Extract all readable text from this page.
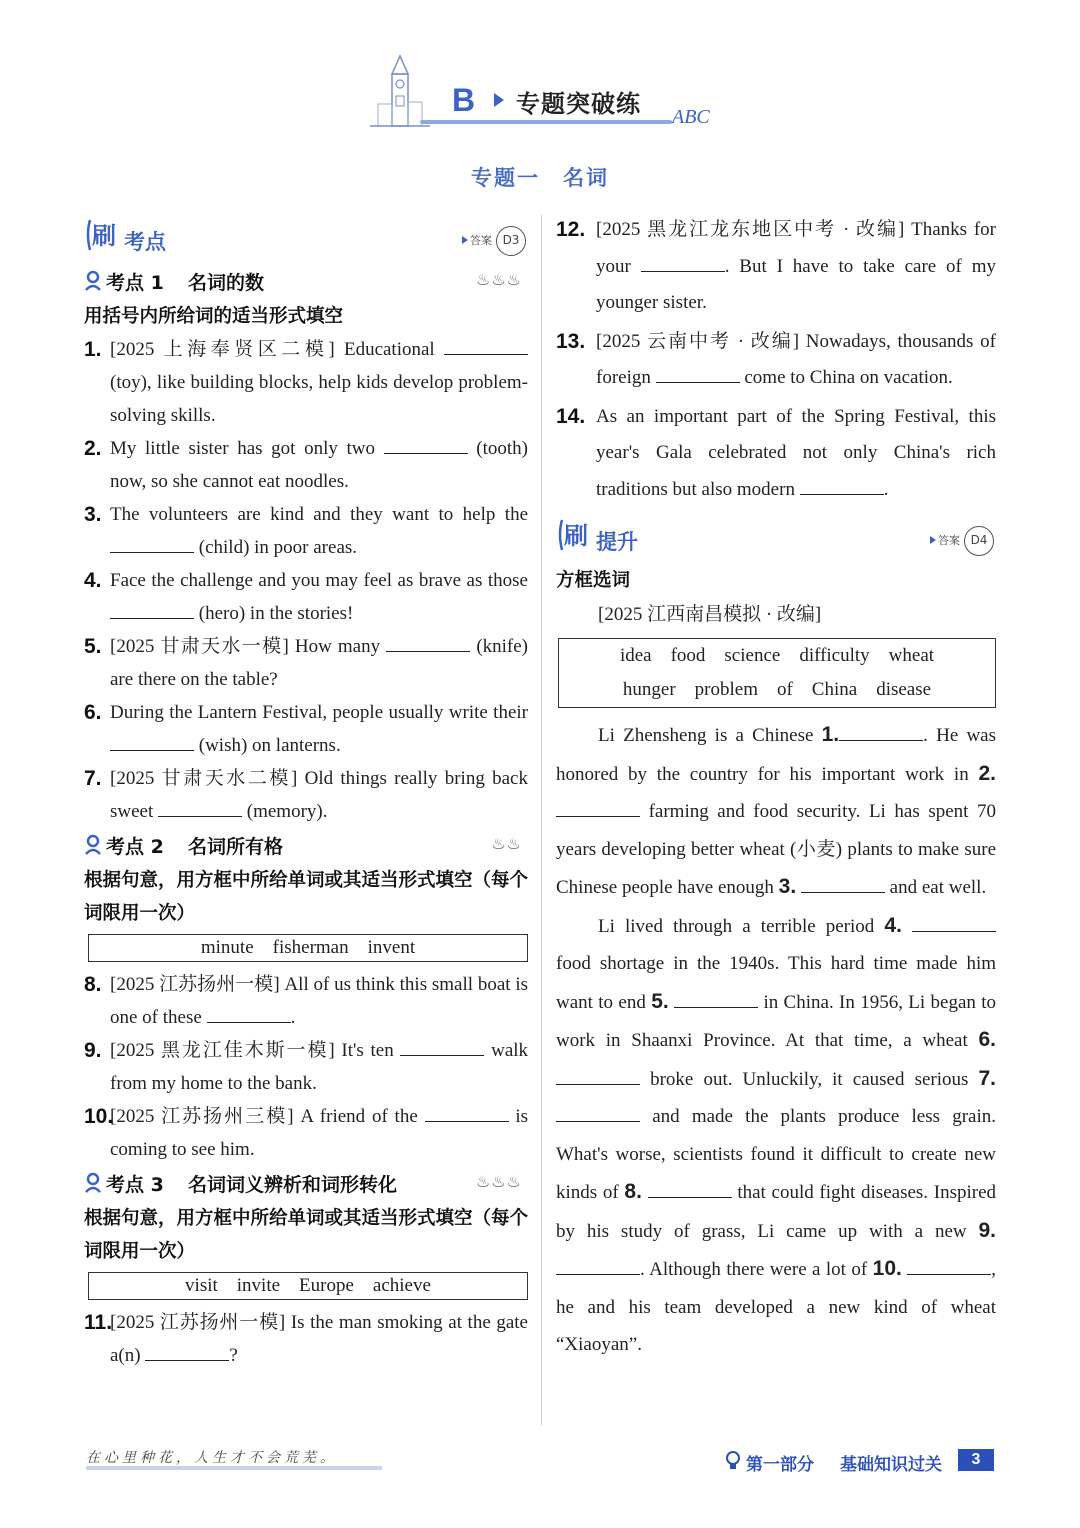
B 专题突破练 ABC
专题一　名词
刷 考点	答案 D3
考点 1 名词的数	♨♨♨
用括号内所给词的适当形式填空
1. [2025 上海奉贤区二模] Educational  (toy), like building blocks, help kids develop problem-solving skills.
2. My little sister has got only two	(tooth) now, so she cannot eat noodles.
3. The volunteers are kind and they want to help the  (child) in poor areas.
4. Face the challenge and you may feel as brave as those  (hero) in the stories!
5. [2025 甘肃天水一模] How many	(knife) are there on the table?
6. During the Lantern Festival, people usually write their  (wish) on lanterns.
7. [2025 甘肃天水二模] Old things really bring back sweet	(memory).
考点 2 名词所有格	♨♨
根据句意，用方框中所给单词或其适当形式填空（每个词限用一次）
minute　fisherman　invent
8. [2025 江苏扬州一模] All of us think this small boat is one of these	.
9. [2025 黑龙江佳木斯一模] It's ten	walk from my home to the bank.
10.
[2025 江苏扬州三模] A friend of the	is coming to see him.
考点 3 名词词义辨析和词形转化	♨♨♨
根据句意，用方框中所给单词或其适当形式填空（每个词限用一次）
visit　invite　Europe　achieve
11.
[2025 江苏扬州一模] Is the man smoking at the gate a(n)	?
12. [2025 黑龙江龙东地区中考 · 改编] Thanks for your	. But I have to take care of my younger sister.
13. [2025 云南中考 · 改编] Nowadays, thousands of foreign	come to China on vacation.
14. As an important part of the Spring Festival, this year's Gala celebrated not only China's rich traditions but also modern	.
刷 提升	答案 D4
方框选词
[2025 江西南昌模拟 · 改编]
idea　food　science　difficulty　wheat
hunger　problem　of　China　disease
Li Zhensheng is a Chinese 1.	. He was honored by the country for his important work in 2.  farming and food security. Li has spent 70 years developing better wheat (小麦) plants to make sure Chinese people have enough 3.	and eat well.
Li lived through a terrible period 4.  food shortage in the 1940s. This hard time made him want to end 5.	in China. In 1956, Li began to work in Shaanxi Province. At that time, a wheat 6.  broke out. Unluckily, it caused serious 7.  and made the plants produce less grain. What's worse, scientists found it difficult to create new kinds of 8.	that could fight diseases. Inspired by his study of grass, Li came up with a new 9. . Although there were a lot of 10.	, he and his team developed a new kind of wheat “Xiaoyan”.
在心里种花，人生才不会荒芜。	第一部分 基础知识过关	3
